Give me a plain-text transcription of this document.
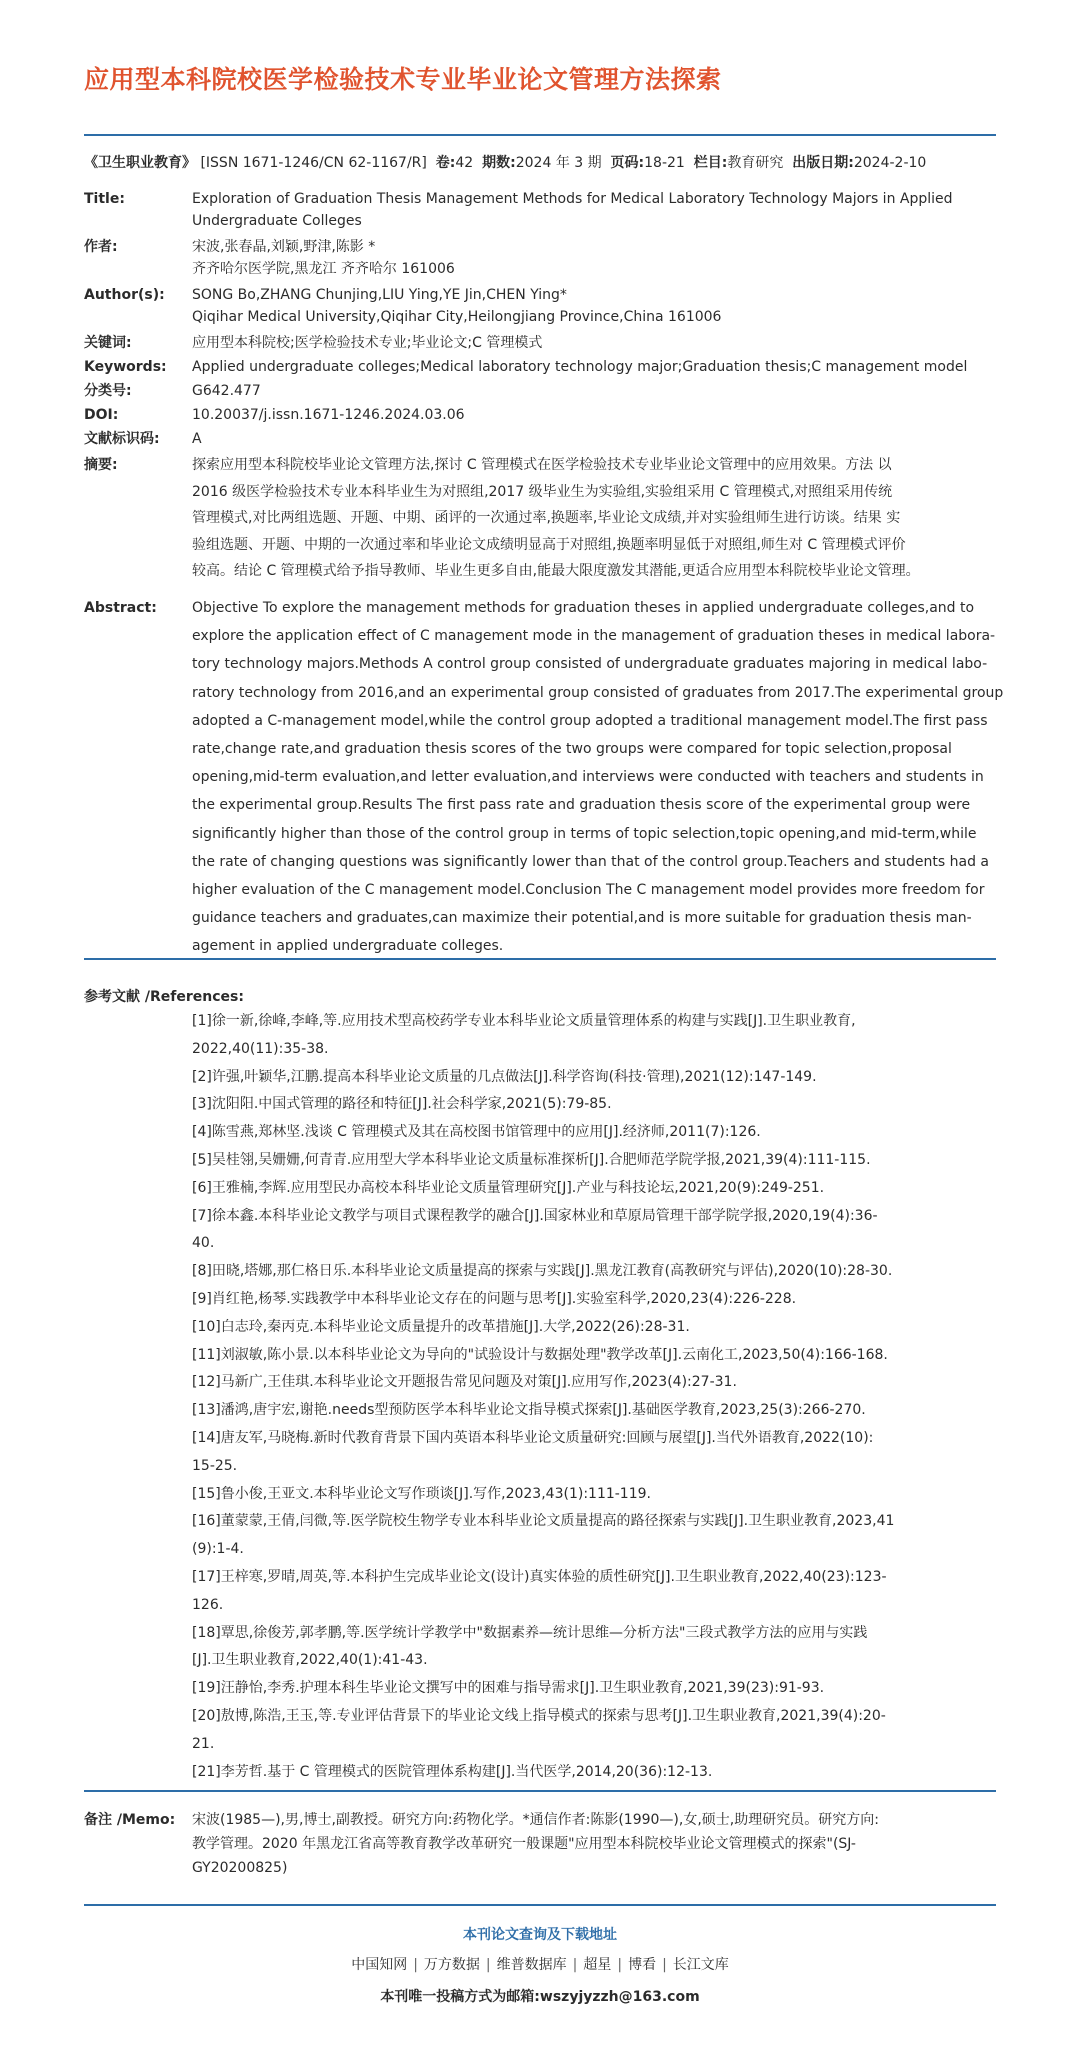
应用型本科院校医学检验技术专业毕业论文管理方法探索
《卫生职业教育》 [ISSN 1671-1246/CN 62-1167/R] 卷:42 期数:2024 年 3 期 页码:18-21 栏目:教育研究 出版日期:2024-2-10
Title:	Exploration of Graduation Thesis Management Methods for Medical Laboratory Technology Majors in Applied
Undergraduate Colleges
作者:	宋波,张春晶,刘颖,野津,陈影 *
齐齐哈尔医学院,黑龙江 齐齐哈尔 161006
Author(s):	SONG Bo,ZHANG Chunjing,LIU Ying,YE Jin,CHEN Ying*
Qiqihar Medical University,Qiqihar City,Heilongjiang Province,China 161006
关键词:	应用型本科院校;医学检验技术专业;毕业论文;C 管理模式
Keywords:	Applied undergraduate colleges;Medical laboratory technology major;Graduation thesis;C management model
分类号:	G642.477
DOI:	10.20037/j.issn.1671-1246.2024.03.06
文献标识码:	A
摘要:	探索应用型本科院校毕业论文管理方法,探讨 C 管理模式在医学检验技术专业毕业论文管理中的应用效果。方法 以
2016 级医学检验技术专业本科毕业生为对照组,2017 级毕业生为实验组,实验组采用 C 管理模式,对照组采用传统
管理模式,对比两组选题、开题、中期、函评的一次通过率,换题率,毕业论文成绩,并对实验组师生进行访谈。结果 实
验组选题、开题、中期的一次通过率和毕业论文成绩明显高于对照组,换题率明显低于对照组,师生对 C 管理模式评价
较高。结论 C 管理模式给予指导教师、毕业生更多自由,能最大限度激发其潜能,更适合应用型本科院校毕业论文管理。
Abstract:	Objective To explore the management methods for graduation theses in applied undergraduate colleges,and to
explore the application effect of C management mode in the management of graduation theses in medical labora-
tory technology majors.Methods A control group consisted of undergraduate graduates majoring in medical labo-
ratory technology from 2016,and an experimental group consisted of graduates from 2017.The experimental group
adopted a C-management model,while the control group adopted a traditional management model.The first pass
rate,change rate,and graduation thesis scores of the two groups were compared for topic selection,proposal
opening,mid-term evaluation,and letter evaluation,and interviews were conducted with teachers and students in
the experimental group.Results The first pass rate and graduation thesis score of the experimental group were
significantly higher than those of the control group in terms of topic selection,topic opening,and mid-term,while
the rate of changing questions was significantly lower than that of the control group.Teachers and students had a
higher evaluation of the C management model.Conclusion The C management model provides more freedom for
guidance teachers and graduates,can maximize their potential,and is more suitable for graduation thesis man-
agement in applied undergraduate colleges.
参考文献 /References:
[1]徐一新,徐峰,李峰,等.应用技术型高校药学专业本科毕业论文质量管理体系的构建与实践[J].卫生职业教育,
2022,40(11):35-38.
[2]许强,叶颖华,江鹏.提高本科毕业论文质量的几点做法[J].科学咨询(科技·管理),2021(12):147-149.
[3]沈阳阳.中国式管理的路径和特征[J].社会科学家,2021(5):79-85.
[4]陈雪燕,郑林坚.浅谈 C 管理模式及其在高校图书馆管理中的应用[J].经济师,2011(7):126.
[5]吴桂翎,吴姗姗,何青青.应用型大学本科毕业论文质量标准探析[J].合肥师范学院学报,2021,39(4):111-115.
[6]王雅楠,李辉.应用型民办高校本科毕业论文质量管理研究[J].产业与科技论坛,2021,20(9):249-251.
[7]徐本鑫.本科毕业论文教学与项目式课程教学的融合[J].国家林业和草原局管理干部学院学报,2020,19(4):36-
40.
[8]田晓,塔娜,那仁格日乐.本科毕业论文质量提高的探索与实践[J].黑龙江教育(高教研究与评估),2020(10):28-30.
[9]肖红艳,杨琴.实践教学中本科毕业论文存在的问题与思考[J].实验室科学,2020,23(4):226-228.
[10]白志玲,秦丙克.本科毕业论文质量提升的改革措施[J].大学,2022(26):28-31.
[11]刘淑敏,陈小景.以本科毕业论文为导向的"试验设计与数据处理"教学改革[J].云南化工,2023,50(4):166-168.
[12]马新广,王佳琪.本科毕业论文开题报告常见问题及对策[J].应用写作,2023(4):27-31.
[13]潘鸿,唐宇宏,谢艳.needs型预防医学本科毕业论文指导模式探索[J].基础医学教育,2023,25(3):266-270.
[14]唐友军,马晓梅.新时代教育背景下国内英语本科毕业论文质量研究:回顾与展望[J].当代外语教育,2022(10):
15-25.
[15]鲁小俊,王亚文.本科毕业论文写作琐谈[J].写作,2023,43(1):111-119.
[16]董蒙蒙,王倩,闫微,等.医学院校生物学专业本科毕业论文质量提高的路径探索与实践[J].卫生职业教育,2023,41
(9):1-4.
[17]王梓寒,罗晴,周英,等.本科护生完成毕业论文(设计)真实体验的质性研究[J].卫生职业教育,2022,40(23):123-
126.
[18]覃思,徐俊芳,郭孝鹏,等.医学统计学教学中"数据素养—统计思维—分析方法"三段式教学方法的应用与实践
[J].卫生职业教育,2022,40(1):41-43.
[19]汪静怡,李秀.护理本科生毕业论文撰写中的困难与指导需求[J].卫生职业教育,2021,39(23):91-93.
[20]敖博,陈浩,王玉,等.专业评估背景下的毕业论文线上指导模式的探索与思考[J].卫生职业教育,2021,39(4):20-
21.
[21]李芳哲.基于 C 管理模式的医院管理体系构建[J].当代医学,2014,20(36):12-13.
备注 /Memo:	宋波(1985—),男,博士,副教授。研究方向:药物化学。*通信作者:陈影(1990—),女,硕士,助理研究员。研究方向:
教学管理。2020 年黑龙江省高等教育教学改革研究一般课题"应用型本科院校毕业论文管理模式的探索"(SJ-
GY20200825)
本刊论文查询及下载地址
中国知网 | 万方数据 | 维普数据库 | 超星 | 博看 | 长江文库
本刊唯一投稿方式为邮箱:wszyjyzzh@163.com
